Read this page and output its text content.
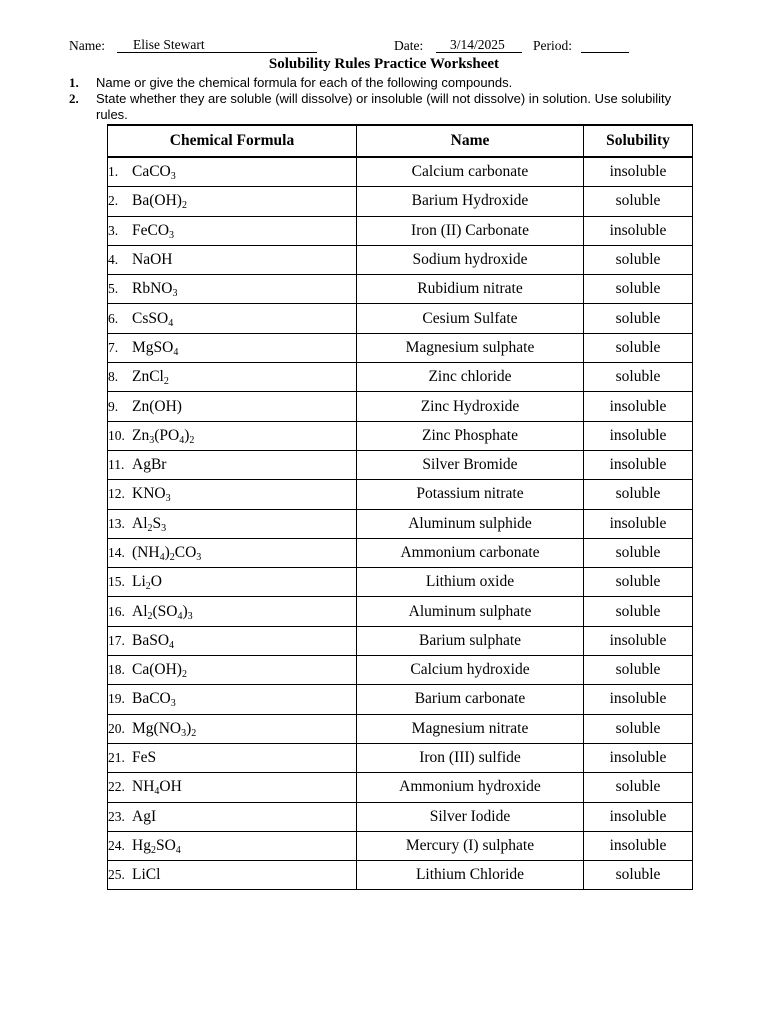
Name:	Elise Stewart	Date:	3/14/2025	Period:
Solubility Rules Practice Worksheet
1. Name or give the chemical formula for each of the following compounds.
2. State whether they are soluble (will dissolve) or insoluble (will not dissolve) in solution. Use solubility rules.
Chemical Formula	Name	Solubility
1. CaCO$_3$	Calcium carbonate	insoluble
2. $Ba(OH)_2$	Barium Hydroxide	soluble
3. FeCO$_3$	Iron (II) Carbonate	insoluble
4. NaOH	Sodium hydroxide	soluble
5. RbNO$_3$	Rubidium nitrate	soluble
6. CsSO$_4$	Cesium Sulfate	soluble
7. MgSO$_4$	Magnesium sulphate	soluble
8. ZnCl$_2$	Zinc chloride	soluble
9. Zn(OH)	Zinc Hydroxide	insoluble
10. $Zn_3(PO_4)_2$	Zinc Phosphate	insoluble
11. AgBr	Silver Bromide	insoluble
12. $KNO_3$	Potassium nitrate	soluble
13. $Al_2S_3$	Aluminum sulphide	insoluble
14. $(NH_4)_2CO_3$	Ammonium carbonate	soluble
15. $Li_2O$	Lithium oxide	soluble
16. $Al_2(SO_4)_3$	Aluminum sulphate	soluble
17. BaSO$_4$	Barium sulphate	insoluble
18. $Ca(OH)_2$	Calcium hydroxide	soluble
19. BaCO$_3$	Barium carbonate	insoluble
20. $Mg(NO_3)_2$	Magnesium nitrate	soluble
21. FeS	Iron (III) sulfide	insoluble
22. $NH_4OH$	Ammonium hydroxide	soluble
23. AgI	Silver Iodide	insoluble
24. $Hg_2SO_4$	Mercury (I) sulphate	insoluble
25. LiCl	Lithium Chloride	soluble
